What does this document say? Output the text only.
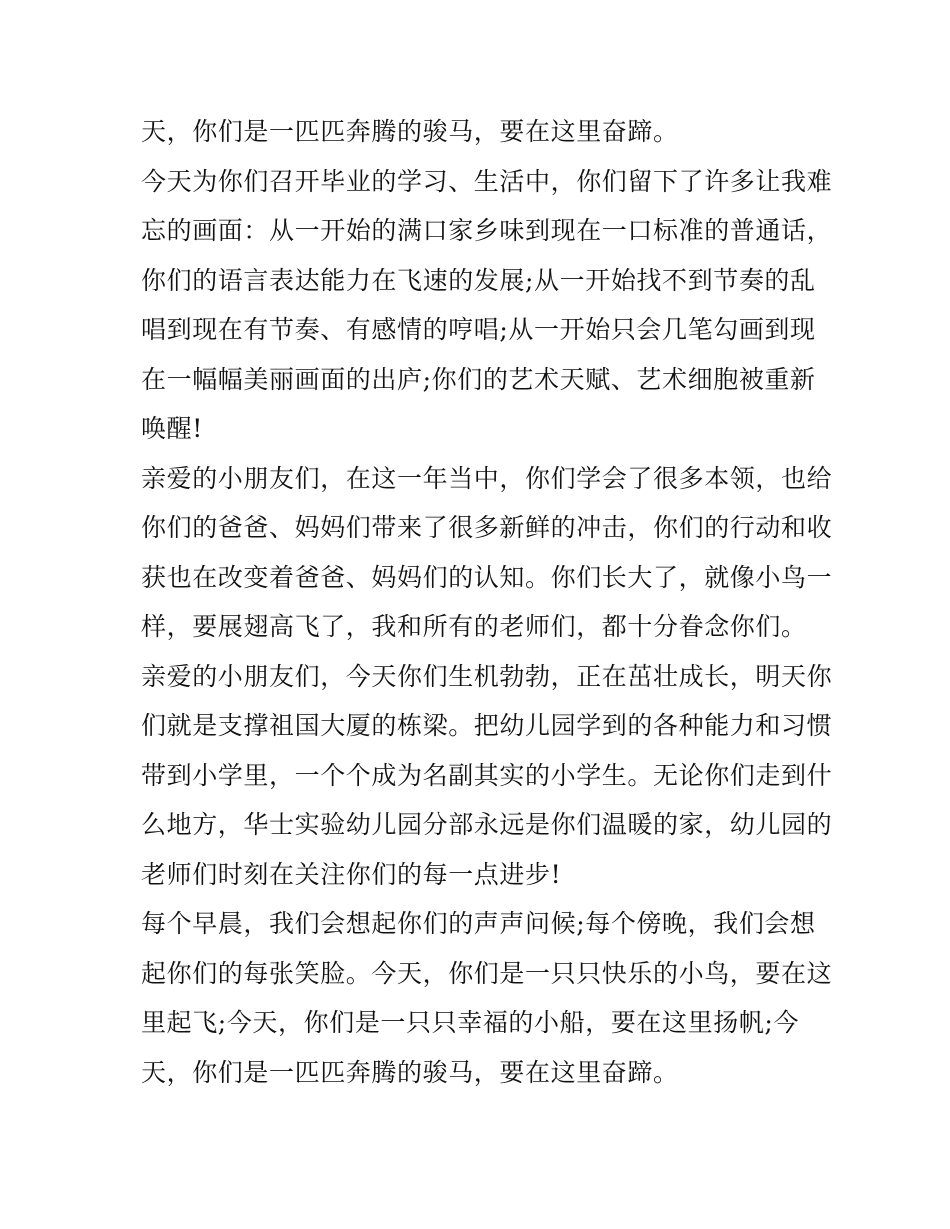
天，你们是一匹匹奔腾的骏马，要在这里奋蹄。
今天为你们召开毕业的学习、生活中，你们留下了许多让我难
忘的画面：从一开始的满口家乡味到现在一口标准的普通话，
你们的语言表达能力在飞速的发展;从一开始找不到节奏的乱
唱到现在有节奏、有感情的哼唱;从一开始只会几笔勾画到现
在一幅幅美丽画面的出庐;你们的艺术天赋、艺术细胞被重新
唤醒!
亲爱的小朋友们，在这一年当中，你们学会了很多本领，也给
你们的爸爸、妈妈们带来了很多新鲜的冲击，你们的行动和收
获也在改变着爸爸、妈妈们的认知。你们长大了，就像小鸟一
样，要展翅高飞了，我和所有的老师们，都十分眷念你们。
亲爱的小朋友们，今天你们生机勃勃，正在茁壮成长，明天你
们就是支撑祖国大厦的栋梁。把幼儿园学到的各种能力和习惯
带到小学里，一个个成为名副其实的小学生。无论你们走到什
么地方，华士实验幼儿园分部永远是你们温暖的家，幼儿园的
老师们时刻在关注你们的每一点进步!
每个早晨，我们会想起你们的声声问候;每个傍晚，我们会想
起你们的每张笑脸。今天，你们是一只只快乐的小鸟，要在这
里起飞;今天，你们是一只只幸福的小船，要在这里扬帆;今
天，你们是一匹匹奔腾的骏马，要在这里奋蹄。
